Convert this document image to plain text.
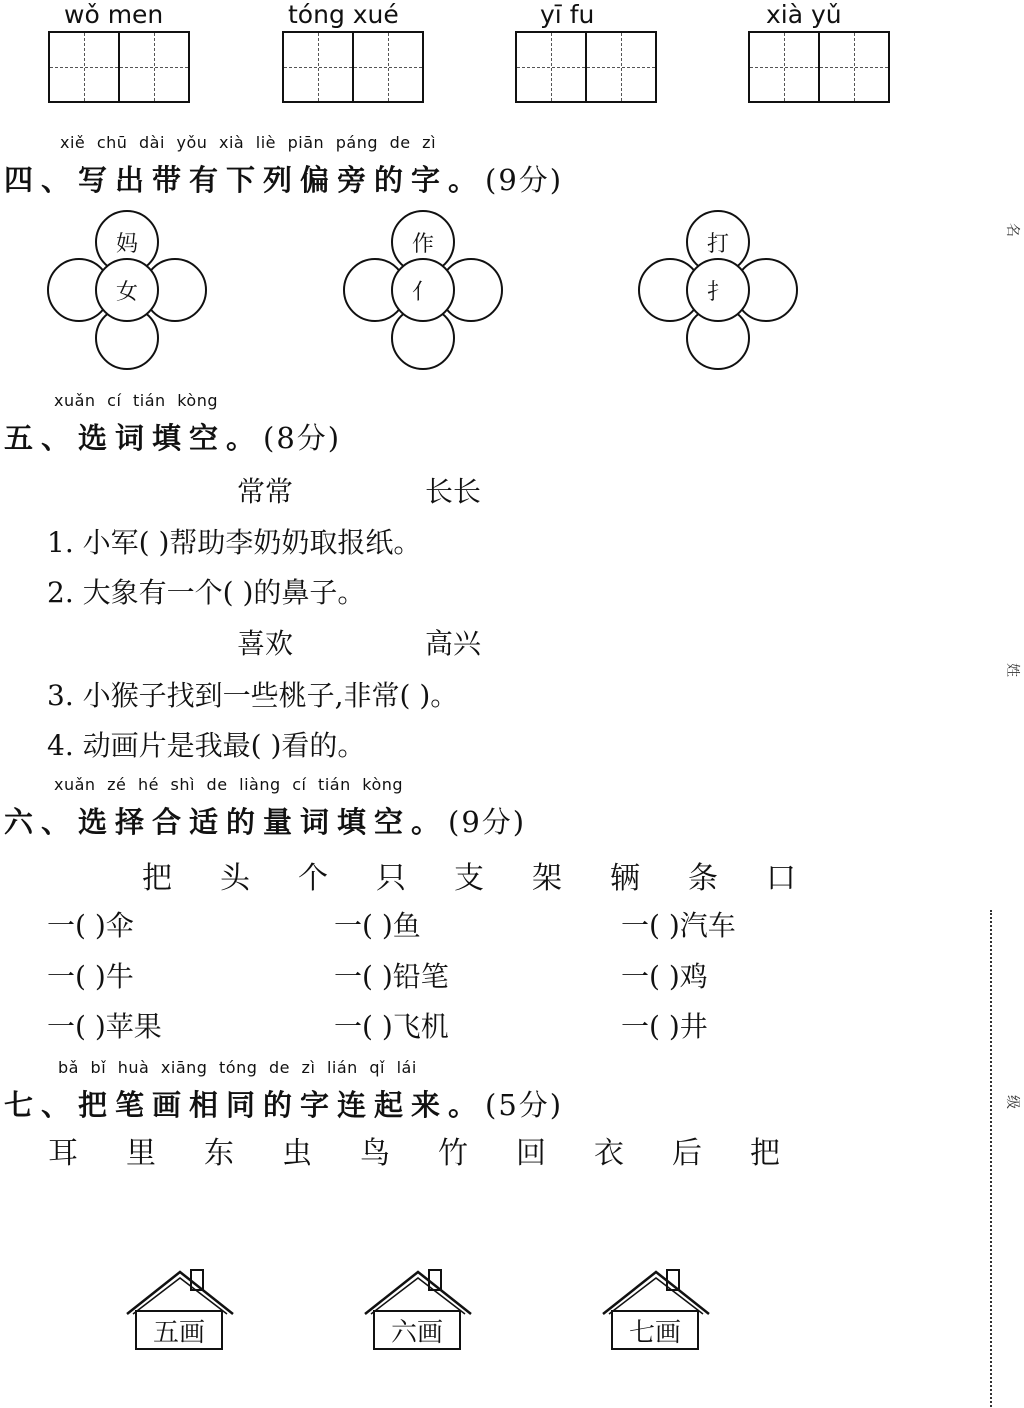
wǒ men	tóng xué	yī fu	xià yǔ
xiě chū dài yǒu xià liè piān páng de zì
四、写出带有下列偏旁的字。(9分)
妈
女
作
亻
打
扌
xuǎn cí tián kòng
五、选词填空。(8分)
常常	长长
1. 小军( )帮助李奶奶取报纸。
2. 大象有一个( )的鼻子。
喜欢	高兴
3. 小猴子找到一些桃子,非常( )。
4. 动画片是我最( )看的。
xuǎn zé hé shì de liàng cí tián kòng
六、选择合适的量词填空。(9分)
把	头	个	只	支	架	辆	条	口
一( )伞	一( )鱼	一( )汽车
一( )牛	一( )铅笔	一( )鸡
一( )苹果	一( )飞机	一( )井
bǎ bǐ huà xiāng tóng de zì lián qǐ lái
七、把笔画相同的字连起来。(5分)
耳	里	东	虫	鸟	竹	回	衣	后	把
五画	六画	七画
名
姓
级
